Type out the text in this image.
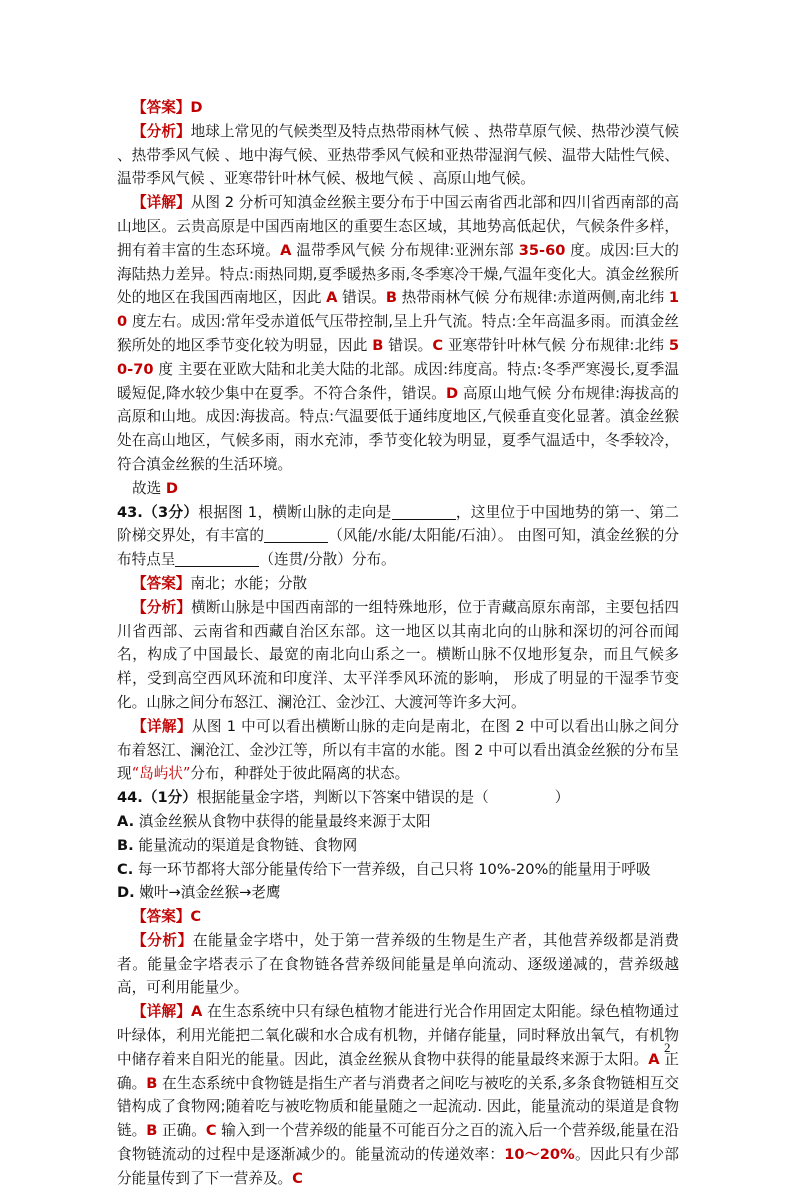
【答案】D

【分析】地球上常见的气候类型及特点热带雨林气候 、热带草原气候、热带沙漠气候 、热带季风气候 、地中海气候、亚热带季风气候和亚热带湿润气候、温带大陆性气候、温带季风气候 、亚寒带针叶林气候、极地气候 、高原山地气候。

【详解】从图 2 分析可知滇金丝猴主要分布于中国云南省西北部和四川省西南部的高山地区。云贵高原是中国西南地区的重要生态区域，其地势高低起伏，气候条件多样，拥有着丰富的生态环境。A 温带季风气候 分布规律:亚洲东部 35-60 度。成因:巨大的海陆热力差异。特点:雨热同期,夏季暖热多雨,冬季寒冷干燥,气温年变化大。滇金丝猴所处的地区在我国西南地区，因此 A 错误。B 热带雨林气候 分布规律:赤道两侧,南北纬 10 度左右。成因:常年受赤道低气压带控制,呈上升气流。特点:全年高温多雨。而滇金丝猴所处的地区季节变化较为明显，因此 B 错误。C 亚寒带针叶林气候 分布规律:北纬 50-70 度 主要在亚欧大陆和北美大陆的北部。成因:纬度高。特点:冬季严寒漫长,夏季温暖短促,降水较少集中在夏季。不符合条件，错误。D 高原山地气候 分布规律:海拔高的高原和山地。成因:海拔高。特点:气温要低于通纬度地区,气候垂直变化显著。滇金丝猴处在高山地区，气候多雨，雨水充沛，季节变化较为明显，夏季气温适中，冬季较冷，符合滇金丝猴的生活环境。

故选 D

43.（3分）根据图 1，横断山脉的走向是	，这里位于中国地势的第一、第二阶梯交界处，有丰富的	（风能/水能/太阳能/石油）。 由图可知，滇金丝猴的分布特点呈	（连贯/分散）分布。

【答案】南北；水能；分散

【分析】横断山脉是中国西南部的一组特殊地形，位于青藏高原东南部，主要包括四川省西部、云南省和西藏自治区东部。这一地区以其南北向的山脉和深切的河谷而闻名，构成了中国最长、最宽的南北向山系之一。横断山脉不仅地形复杂，而且气候多样，受到高空西风环流和印度洋、太平洋季风环流的影响， 形成了明显的干湿季节变化。山脉之间分布怒江、澜沧江、金沙江、大渡河等许多大河。

【详解】从图 1 中可以看出横断山脉的走向是南北，在图 2 中可以看出山脉之间分布着怒江、澜沧江、金沙江等，所以有丰富的水能。图 2 中可以看出滇金丝猴的分布呈现“岛屿状”分布，种群处于彼此隔离的状态。

44.（1分）根据能量金字塔，判断以下答案中错误的是（	）

A. 滇金丝猴从食物中获得的能量最终来源于太阳

B. 能量流动的渠道是食物链、食物网

C. 每一环节都将大部分能量传给下一营养级，自己只将 10%-20%的能量用于呼吸

D. 嫩叶→滇金丝猴→老鹰

【答案】C

【分析】在能量金字塔中，处于第一营养级的生物是生产者，其他营养级都是消费者。能量金字塔表示了在食物链各营养级间能量是单向流动、逐级递减的，营养级越高，可利用能量少。

【详解】A 在生态系统中只有绿色植物才能进行光合作用固定太阳能。绿色植物通过叶绿体，利用光能把二氧化碳和水合成有机物，并储存能量，同时释放出氧气，有机物中储存着来自阳光的能量。因此，滇金丝猴从食物中获得的能量最终来源于太阳。A 正确。B 在生态系统中食物链是指生产者与消费者之间吃与被吃的关系,多条食物链相互交错构成了食物网;随着吃与被吃物质和能量随之一起流动. 因此，能量流动的渠道是食物链。B 正确。C 输入到一个营养级的能量不可能百分之百的流入后一个营养级,能量在沿食物链流动的过程中是逐渐减少的。能量流动的传递效率：10～20%。因此只有少部分能量传到了下一营养及。C

2
